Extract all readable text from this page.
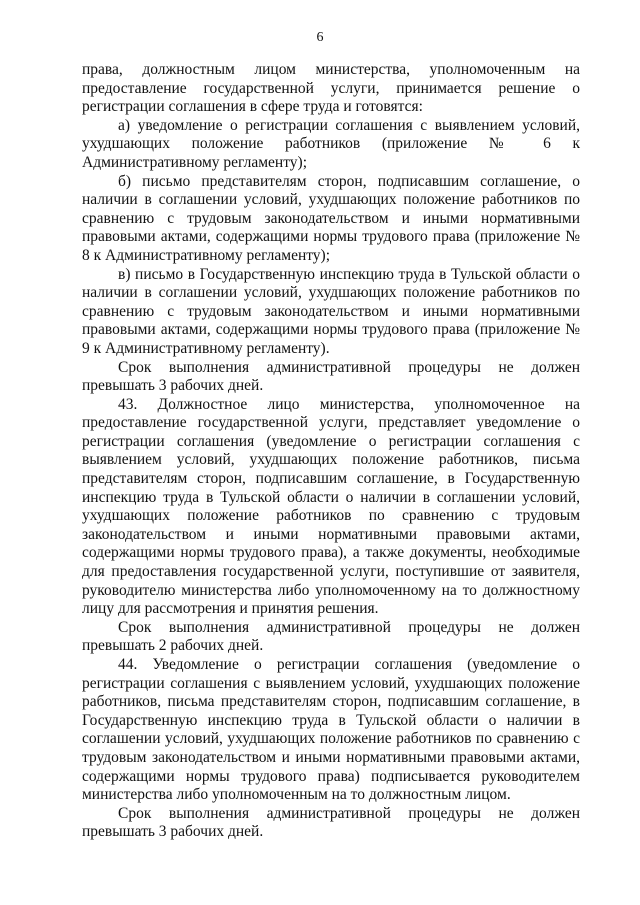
6

права, должностным лицом министерства, уполномоченным на предоставление государственной услуги, принимается решение о регистрации соглашения в сфере труда и готовятся:

а) уведомление о регистрации соглашения с выявлением условий, ухудшающих положение работников (приложение № 6 к Административному регламенту);

б) письмо представителям сторон, подписавшим соглашение, о наличии в соглашении условий, ухудшающих положение работников по сравнению с трудовым законодательством и иными нормативными правовыми актами, содержащими нормы трудового права (приложение № 8 к Административному регламенту);

в) письмо в Государственную инспекцию труда в Тульской области о наличии в соглашении условий, ухудшающих положение работников по сравнению с трудовым законодательством и иными нормативными правовыми актами, содержащими нормы трудового права (приложение № 9 к Административному регламенту).

Срок выполнения административной процедуры не должен превышать 3 рабочих дней.

43. Должностное лицо министерства, уполномоченное на предоставление государственной услуги, представляет уведомление о регистрации соглашения (уведомление о регистрации соглашения с выявлением условий, ухудшающих положение работников, письма представителям сторон, подписавшим соглашение, в Государственную инспекцию труда в Тульской области о наличии в соглашении условий, ухудшающих положение работников по сравнению с трудовым законодательством и иными нормативными правовыми актами, содержащими нормы трудового права), а также документы, необходимые для предоставления государственной услуги, поступившие от заявителя, руководителю министерства либо уполномоченному на то должностному лицу для рассмотрения и принятия решения.

Срок выполнения административной процедуры не должен превышать 2 рабочих дней.

44. Уведомление о регистрации соглашения (уведомление о регистрации соглашения с выявлением условий, ухудшающих положение работников, письма представителям сторон, подписавшим соглашение, в Государственную инспекцию труда в Тульской области о наличии в соглашении условий, ухудшающих положение работников по сравнению с трудовым законодательством и иными нормативными правовыми актами, содержащими нормы трудового права) подписывается руководителем министерства либо уполномоченным на то должностным лицом.

Срок выполнения административной процедуры не должен превышать 3 рабочих дней.
